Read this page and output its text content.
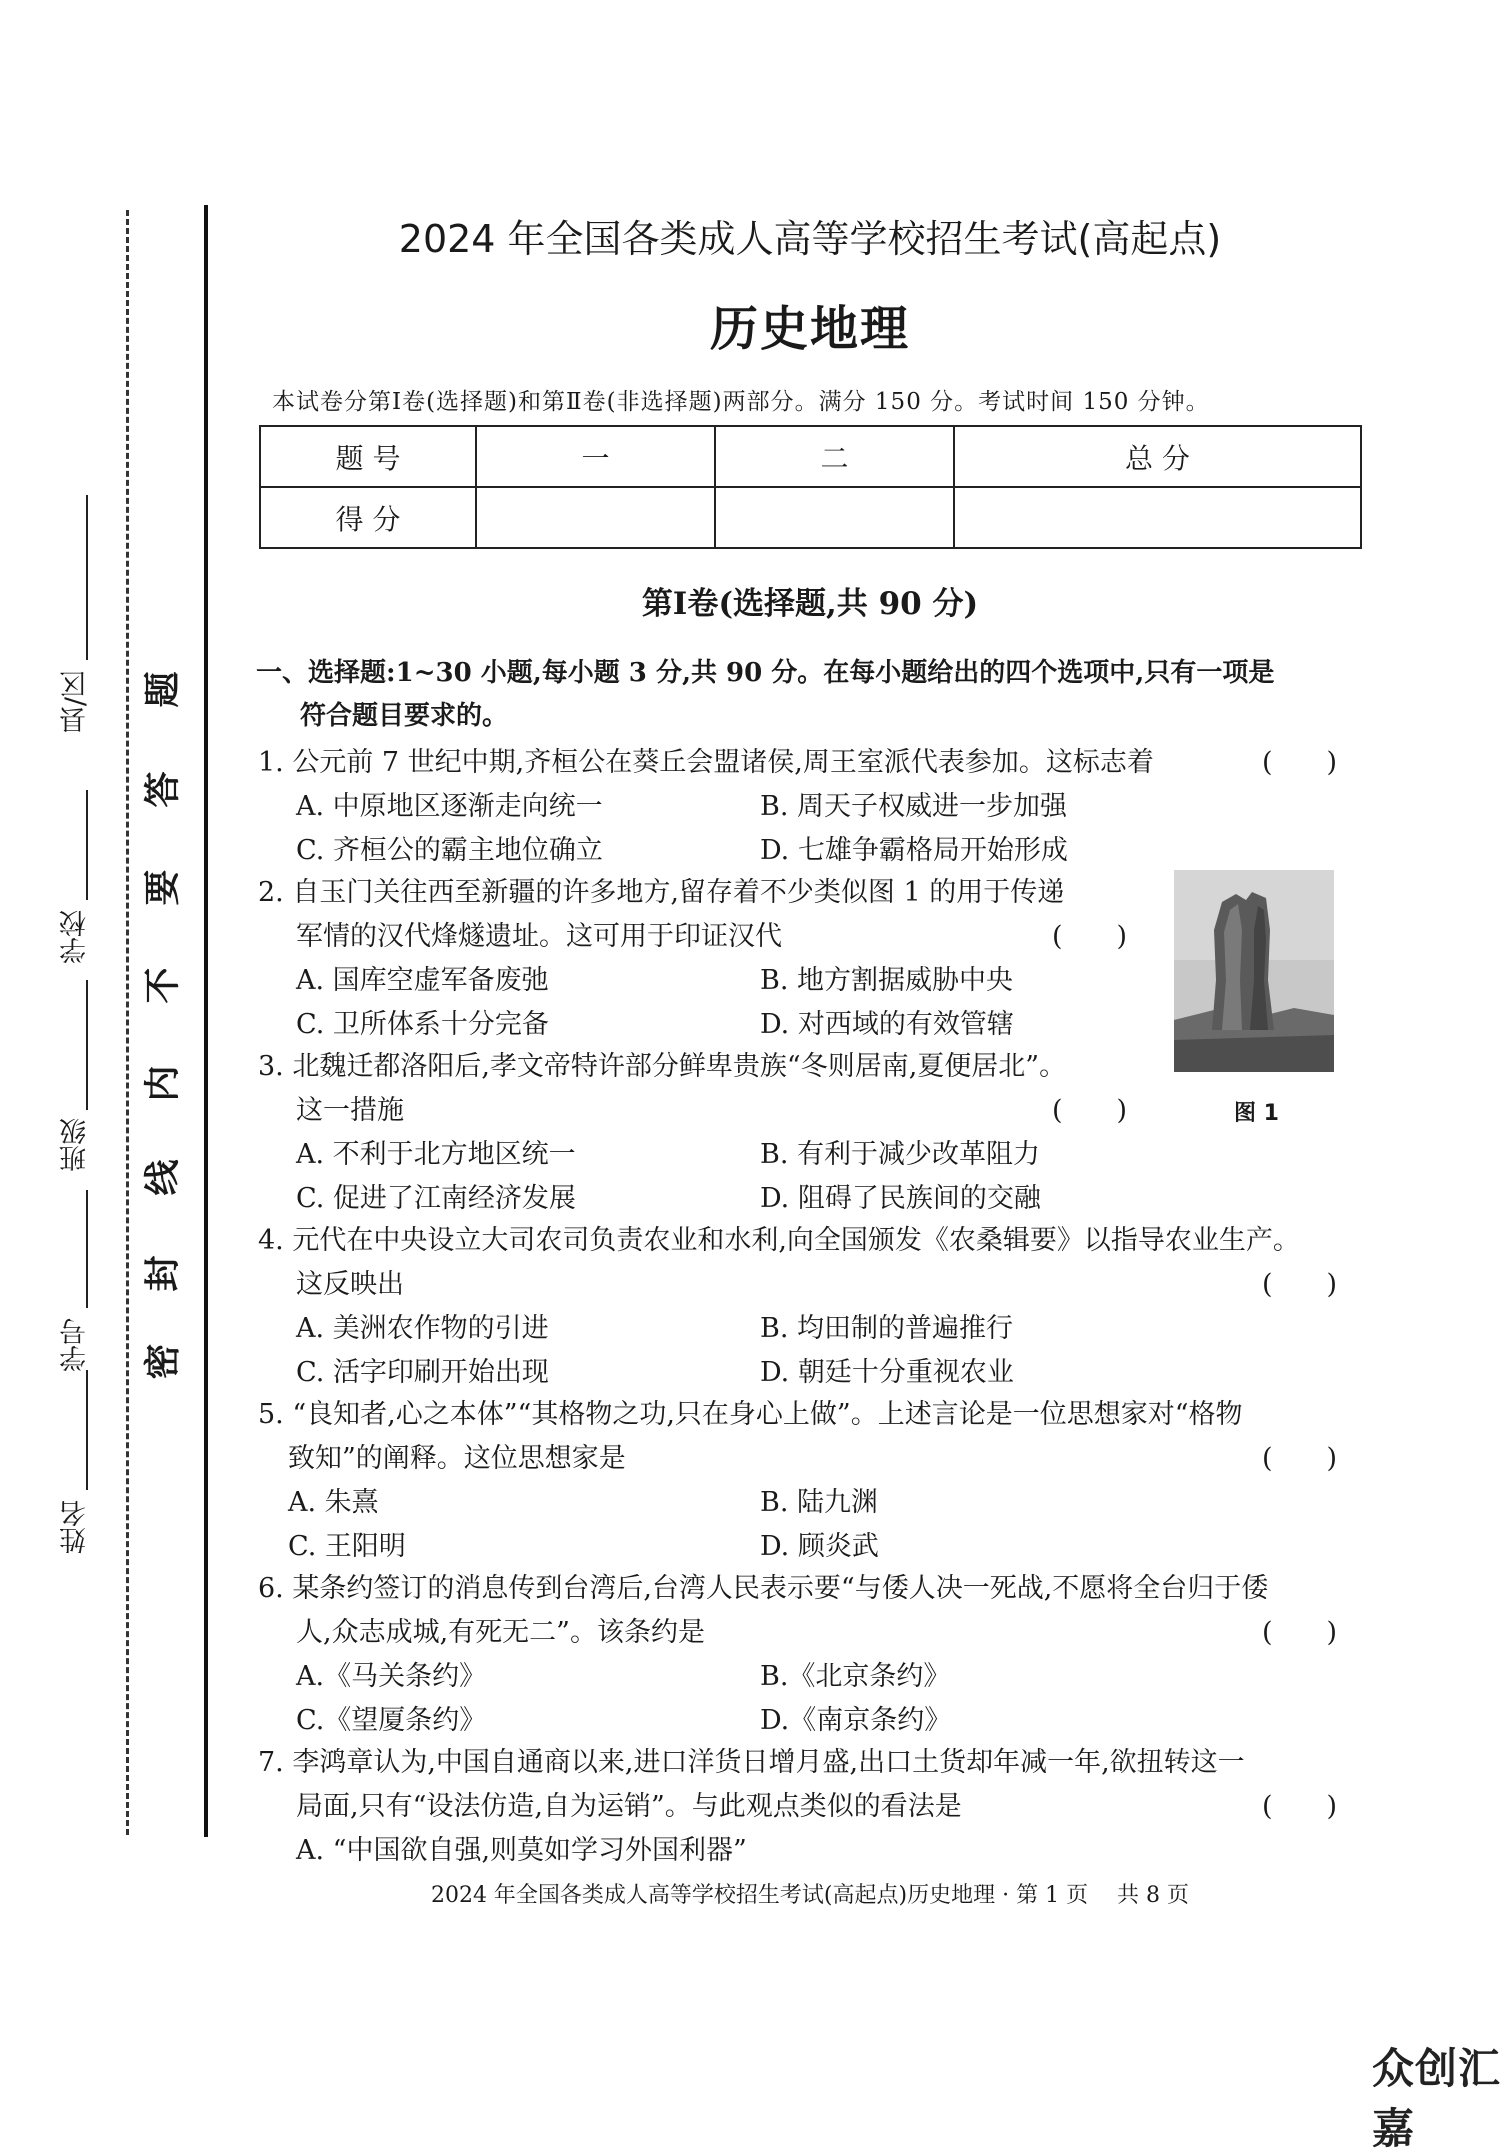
姓名
学号
班级
学校
县/区
密
封
线
内
不
要
答
题
2024 年全国各类成人高等学校招生考试(高起点)
历史地理
本试卷分第Ⅰ卷(选择题)和第Ⅱ卷(非选择题)两部分。满分 150 分。考试时间 150 分钟。
题 号	一	二	总 分
得 分			
第Ⅰ卷(选择题,共 90 分)
一、选择题:1~30 小题,每小题 3 分,共 90 分。在每小题给出的四个选项中,只有一项是
符合题目要求的。
1. 公元前 7 世纪中期,齐桓公在葵丘会盟诸侯,周王室派代表参加。这标志着	(　　)
A. 中原地区逐渐走向统一	B. 周天子权威进一步加强
C. 齐桓公的霸主地位确立	D. 七雄争霸格局开始形成
2. 自玉门关往西至新疆的许多地方,留存着不少类似图 1 的用于传递
军情的汉代烽燧遗址。这可用于印证汉代	(　　)
A. 国库空虚军备废弛	B. 地方割据威胁中央
C. 卫所体系十分完备	D. 对西域的有效管辖
图 1
3. 北魏迁都洛阳后,孝文帝特许部分鲜卑贵族“冬则居南,夏便居北”。
这一措施	(　　)
A. 不利于北方地区统一	B. 有利于减少改革阻力
C. 促进了江南经济发展	D. 阻碍了民族间的交融
4. 元代在中央设立大司农司负责农业和水利,向全国颁发《农桑辑要》以指导农业生产。
这反映出	(　　)
A. 美洲农作物的引进	B. 均田制的普遍推行
C. 活字印刷开始出现	D. 朝廷十分重视农业
5. “良知者,心之本体”“其格物之功,只在身心上做”。上述言论是一位思想家对“格物
致知”的阐释。这位思想家是	(　　)
A. 朱熹	B. 陆九渊
C. 王阳明	D. 顾炎武
6. 某条约签订的消息传到台湾后,台湾人民表示要“与倭人决一死战,不愿将全台归于倭
人,众志成城,有死无二”。该条约是	(　　)
A.《马关条约》	B.《北京条约》
C.《望厦条约》	D.《南京条约》
7. 李鸿章认为,中国自通商以来,进口洋货日增月盛,出口土货却年减一年,欲扭转这一
局面,只有“设法仿造,自为运销”。与此观点类似的看法是	(　　)
A. “中国欲自强,则莫如学习外国利器”
2024 年全国各类成人高等学校招生考试(高起点)历史地理 · 第 1 页　 共 8 页
众创汇嘉
